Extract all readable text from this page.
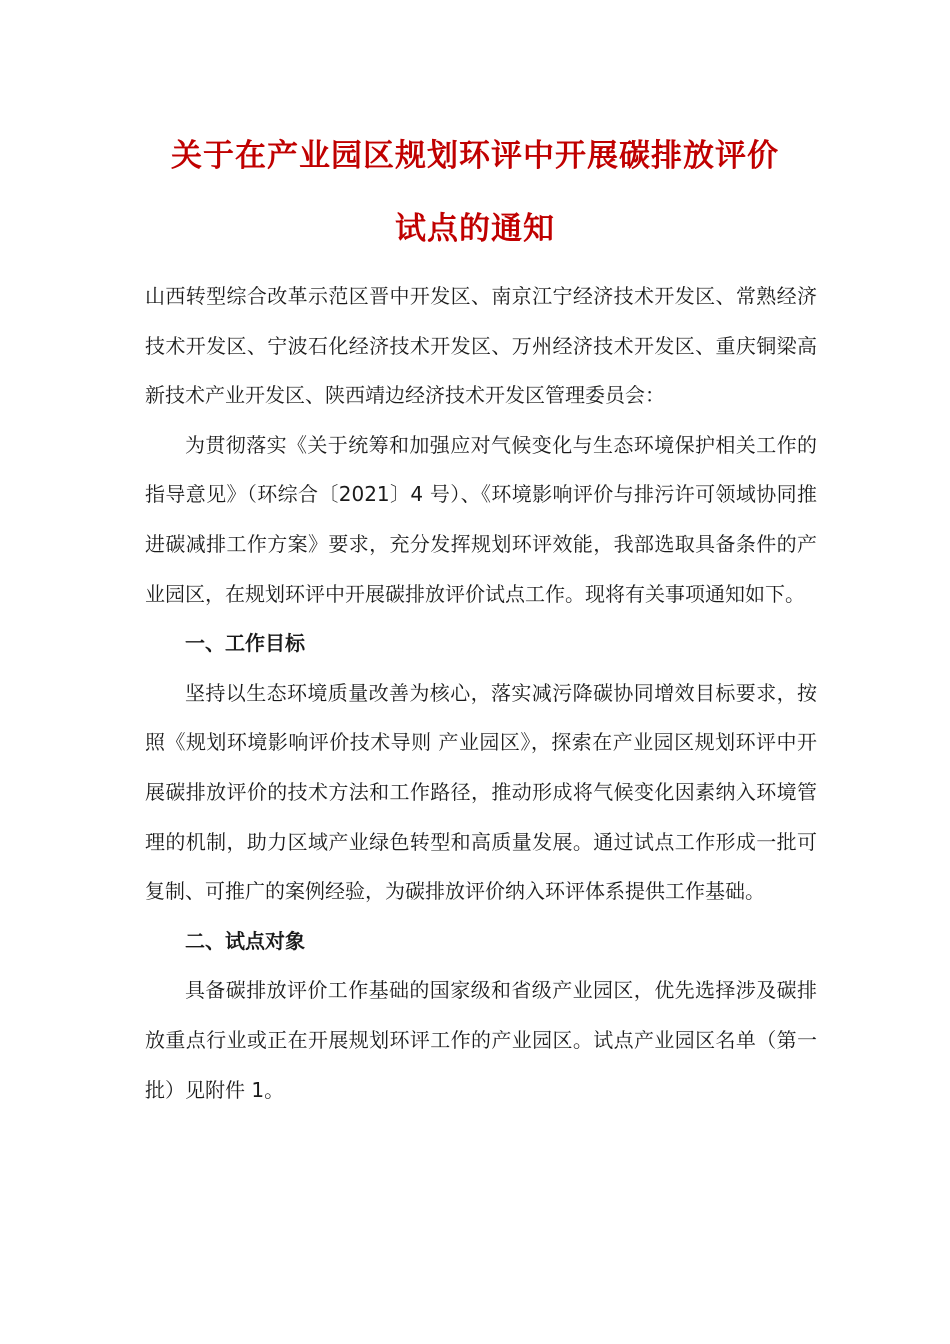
关于在产业园区规划环评中开展碳排放评价
试点的通知

山西转型综合改革示范区晋中开发区、南京江宁经济技术开发区、常熟经济技术开发区、宁波石化经济技术开发区、万州经济技术开发区、重庆铜梁高新技术产业开发区、陕西靖边经济技术开发区管理委员会：

为贯彻落实《关于统筹和加强应对气候变化与生态环境保护相关工作的指导意见》（环综合〔2021〕4 号）、《环境影响评价与排污许可领域协同推进碳减排工作方案》要求，充分发挥规划环评效能，我部选取具备条件的产业园区，在规划环评中开展碳排放评价试点工作。现将有关事项通知如下。

一、工作目标

坚持以生态环境质量改善为核心，落实减污降碳协同增效目标要求，按照《规划环境影响评价技术导则 产业园区》，探索在产业园区规划环评中开展碳排放评价的技术方法和工作路径，推动形成将气候变化因素纳入环境管理的机制，助力区域产业绿色转型和高质量发展。通过试点工作形成一批可复制、可推广的案例经验，为碳排放评价纳入环评体系提供工作基础。

二、试点对象

具备碳排放评价工作基础的国家级和省级产业园区，优先选择涉及碳排放重点行业或正在开展规划环评工作的产业园区。试点产业园区名单（第一批）见附件 1。
